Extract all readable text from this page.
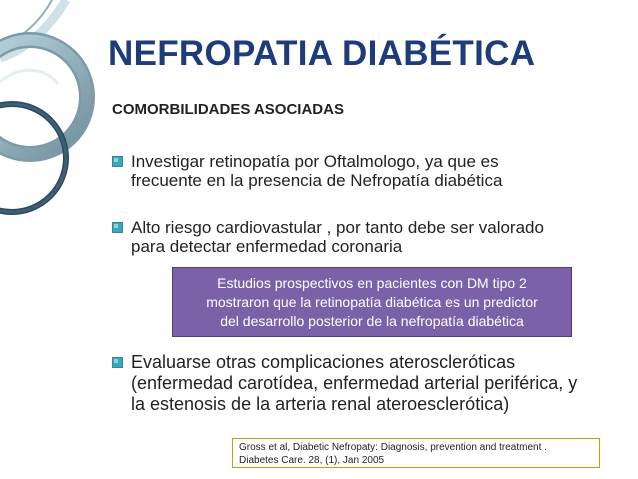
NEFROPATIA DIABÉTICA
COMORBILIDADES ASOCIADAS
Investigar retinopatía por Oftalmologo, ya que es
frecuente en la presencia de Nefropatía diabética
Alto riesgo cardiovastular , por tanto debe ser valorado
para detectar enfermedad coronaria
Estudios prospectivos en pacientes con DM tipo 2
mostraron que la retinopatía diabética es un predictor
del desarrollo posterior de la nefropatía diabética
Evaluarse otras complicaciones ateroscleróticas
(enfermedad carotídea, enfermedad arterial periférica, y
la estenosis de la arteria renal ateroesclerótica)
Gross et al, Diabetic Nefropaty: Diagnosis, prevention and treatment .
Diabetes Care. 28, (1), Jan 2005
